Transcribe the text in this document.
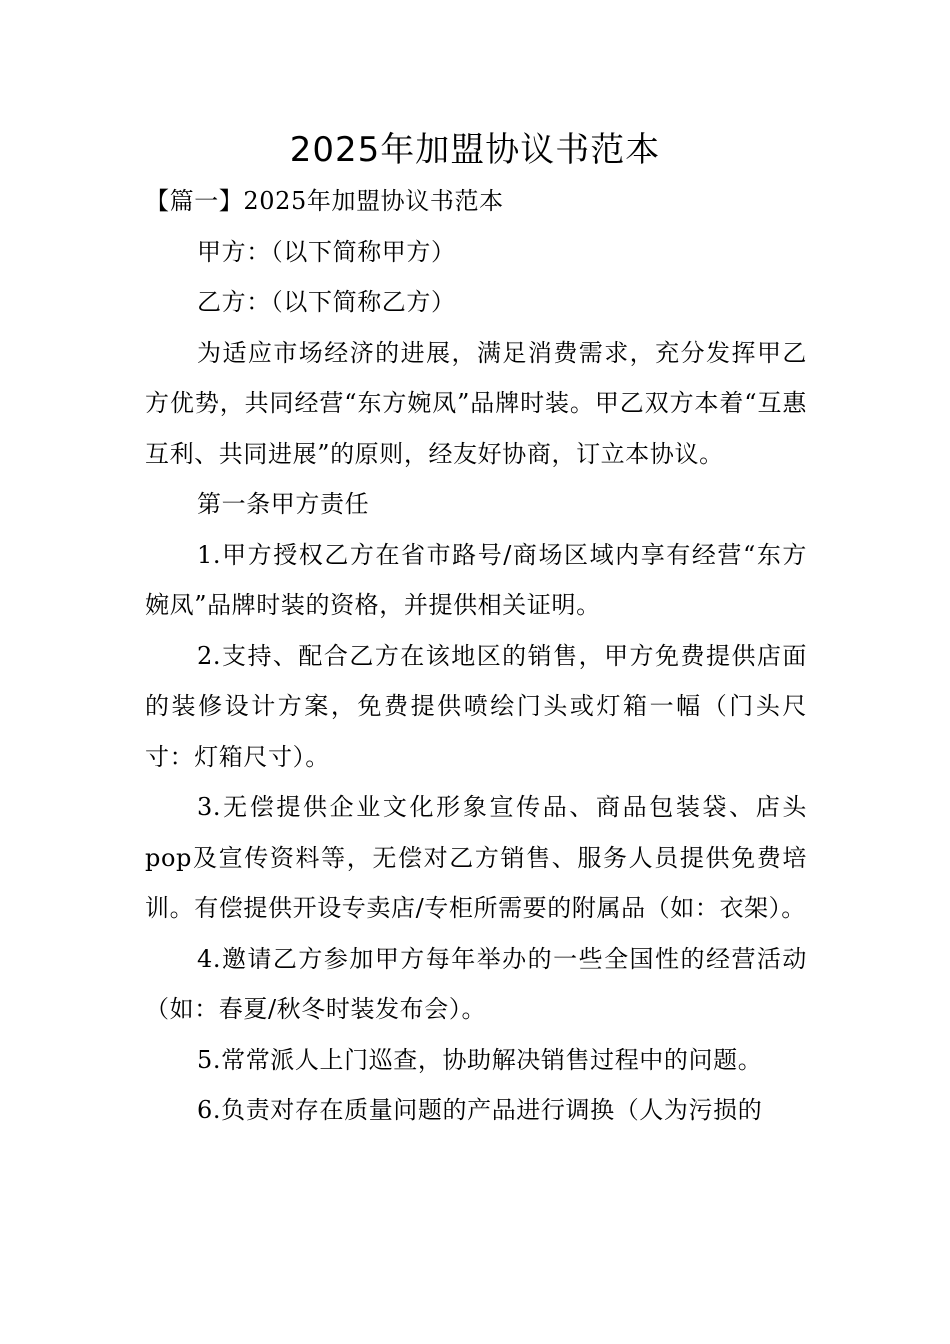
2025年加盟协议书范本

【篇一】2025年加盟协议书范本

甲方：（以下简称甲方）

乙方：（以下简称乙方）

为适应市场经济的进展，满足消费需求，充分发挥甲乙方优势，共同经营“东方婉凤”品牌时装。甲乙双方本着“互惠互利、共同进展”的原则，经友好协商，订立本协议。

第一条甲方责任

1.甲方授权乙方在省市路号/商场区域内享有经营“东方婉凤”品牌时装的资格，并提供相关证明。

2.支持、配合乙方在该地区的销售，甲方免费提供店面的装修设计方案，免费提供喷绘门头或灯箱一幅（门头尺寸：灯箱尺寸）。

3.无偿提供企业文化形象宣传品、商品包装袋、店头pop及宣传资料等，无偿对乙方销售、服务人员提供免费培训。有偿提供开设专卖店/专柜所需要的附属品（如：衣架）。

4.邀请乙方参加甲方每年举办的一些全国性的经营活动（如：春夏/秋冬时装发布会）。

5.常常派人上门巡查，协助解决销售过程中的问题。

6.负责对存在质量问题的产品进行调换（人为污损的
